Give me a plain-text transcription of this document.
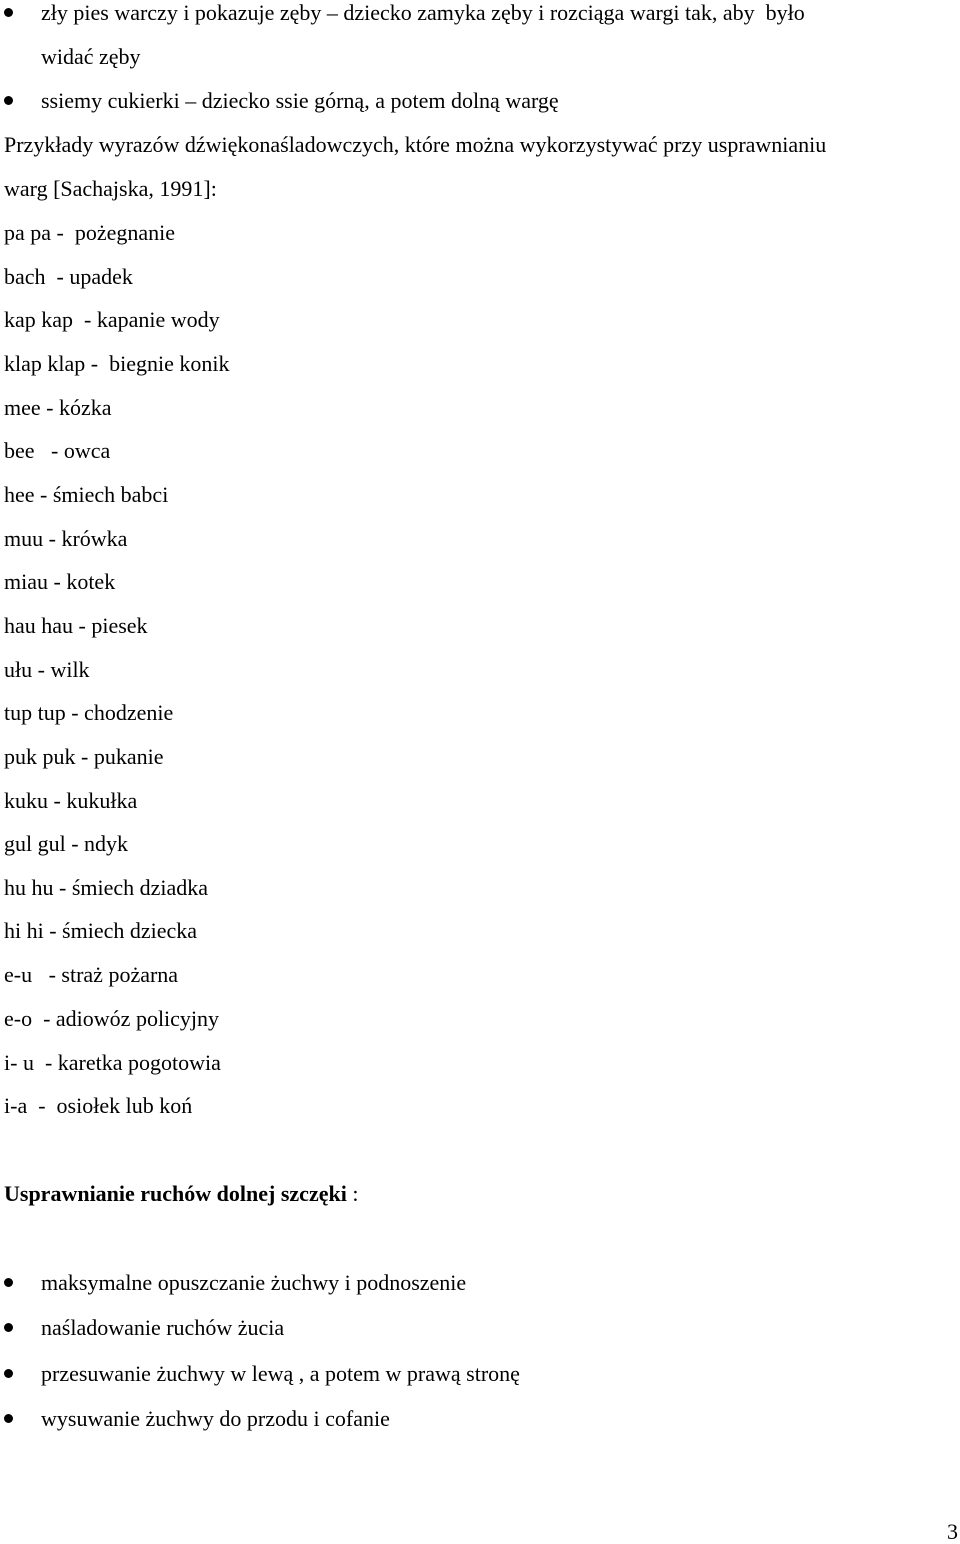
zły pies warczy i pokazuje zęby – dziecko zamyka zęby i rozciąga wargi tak, aby  było

widać zęby

ssiemy cukierki – dziecko ssie górną, a potem dolną wargę

Przykłady wyrazów dźwiękonaśladowczych, które można wykorzystywać przy usprawnianiu
warg [Sachajska, 1991]:
pa pa -  pożegnanie
bach  - upadek
kap kap  - kapanie wody
klap klap -  biegnie konik
mee - kózka
bee   - owca
hee - śmiech babci
muu - krówka
miau - kotek
hau hau - piesek
ułu - wilk
tup tup - chodzenie
puk puk - pukanie
kuku - kukułka
gul gul - ndyk
hu hu - śmiech dziadka
hi hi - śmiech dziecka
e-u   - straż pożarna
e-o  - adiowóz policyjny
i- u  - karetka pogotowia
i-a  -  osiołek lub koń
Usprawnianie ruchów dolnej szczęki :

maksymalne opuszczanie żuchwy i podnoszenie

naśladowanie ruchów żucia

przesuwanie żuchwy w lewą , a potem w prawą stronę

wysuwanie żuchwy do przodu i cofanie

3
